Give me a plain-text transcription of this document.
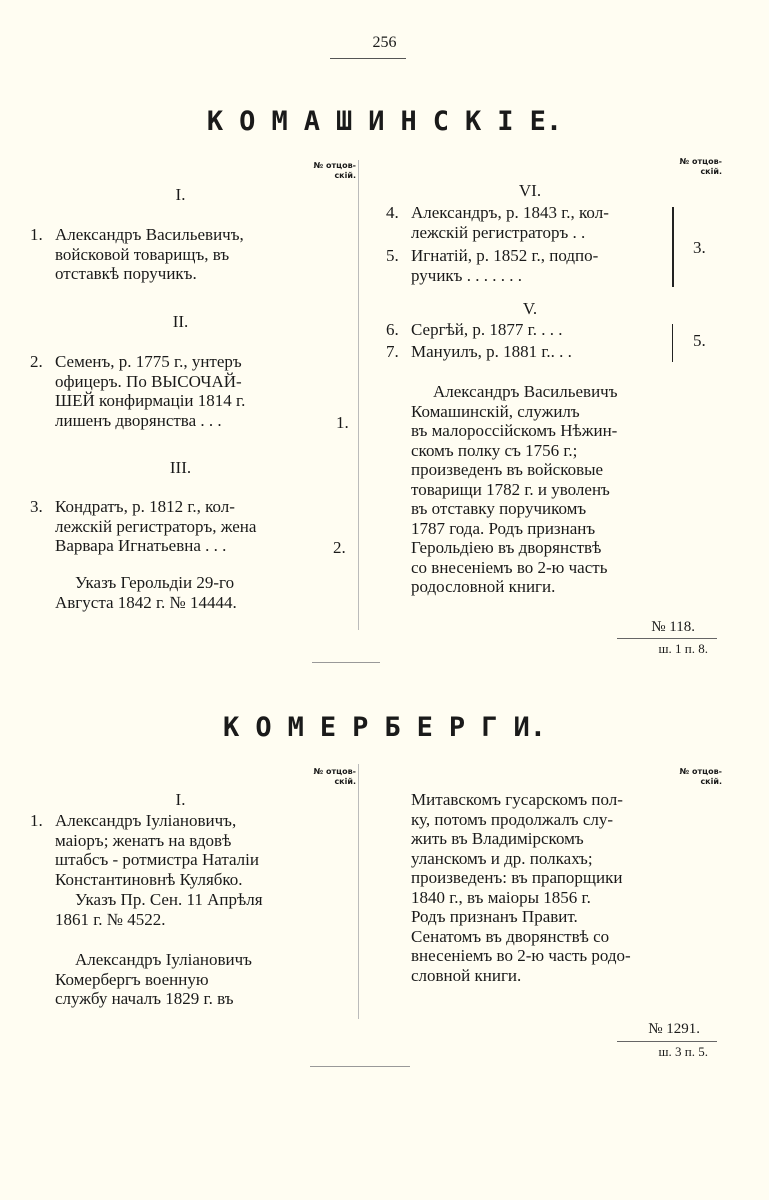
256
К О М А Ш И Н С К І Е.
№ отцов-
скій.
№ отцов-
скій.
I.
1. Александръ Васильевичъ,
войсковой товарищъ, въ
отставкѣ поручикъ.
II.
2. Семенъ, р. 1775 г., унтеръ
офицеръ. По ВЫСОЧАЙ-
ШЕЙ конфирмаціи 1814 г.
лишенъ дворянства . . .	1.
III.
3. Кондратъ, р. 1812 г., кол-
лежскій регистраторъ, жена
Варвара Игнатьевна . . .	2.
Указъ Герольдіи 29-го
Августа 1842 г. № 14444.
VI.
4. Александръ, р. 1843 г., кол-
лежскій регистраторъ . .
5. Игнатій, р. 1852 г., подпо-
ручикъ . . . . . . .
3.
V.
6. Сергѣй, р. 1877 г. . . .
7. Мануилъ, р. 1881 г.. . .
5.
Александръ Васильевичъ
Комашинскій, служилъ
въ малороссійскомъ Нѣжин-
скомъ полку съ 1756 г.;
произведенъ въ войсковые
товарищи 1782 г. и уволенъ
въ отставку поручикомъ
1787 года. Родъ признанъ
Герольдіею въ дворянствѣ
со внесеніемъ во 2-ю часть
родословной книги.
№ 118.
ш. 1 п. 8.
К О М Е Р Б Е Р Г И.
№ отцов-
скій.
№ отцов-
скій.
I.
1. Александръ Іуліановичъ,
маіоръ; женатъ на вдовѣ
штабсъ - ротмистра Наталіи
Константиновнѣ Кулябко.
Указъ Пр. Сен. 11 Апрѣля
1861 г. № 4522.
Александръ Іуліановичъ
Комербергъ военную
службу началъ 1829 г. въ
Митавскомъ гусарскомъ пол-
ку, потомъ продолжалъ слу-
жить въ Владимірскомъ
уланскомъ и др. полкахъ;
произведенъ: въ прапорщики
1840 г., въ маіоры 1856 г.
Родъ признанъ Правит.
Сенатомъ въ дворянствѣ со
внесеніемъ во 2-ю часть родо-
словной книги.
№ 1291.
ш. 3 п. 5.
